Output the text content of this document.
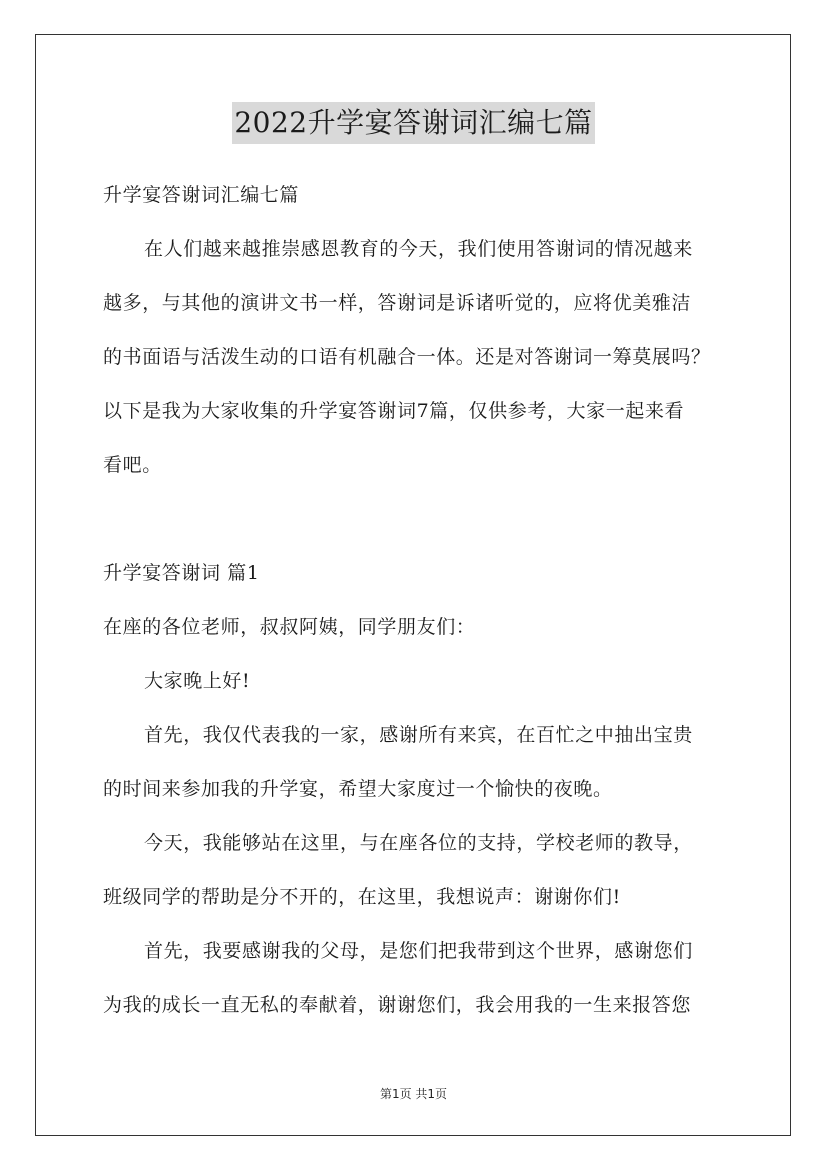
2022升学宴答谢词汇编七篇
升学宴答谢词汇编七篇
在人们越来越推崇感恩教育的今天，我们使用答谢词的情况越来
越多，与其他的演讲文书一样，答谢词是诉诸听觉的，应将优美雅洁
的书面语与活泼生动的口语有机融合一体。还是对答谢词一筹莫展吗？
以下是我为大家收集的升学宴答谢词7篇，仅供参考，大家一起来看
看吧。
升学宴答谢词 篇1
在座的各位老师，叔叔阿姨，同学朋友们：
大家晚上好!
首先，我仅代表我的一家，感谢所有来宾，在百忙之中抽出宝贵
的时间来参加我的升学宴，希望大家度过一个愉快的夜晚。
今天，我能够站在这里，与在座各位的支持，学校老师的教导，
班级同学的帮助是分不开的，在这里，我想说声：谢谢你们!
首先，我要感谢我的父母，是您们把我带到这个世界，感谢您们
为我的成长一直无私的奉献着，谢谢您们，我会用我的一生来报答您
第1页 共1页
